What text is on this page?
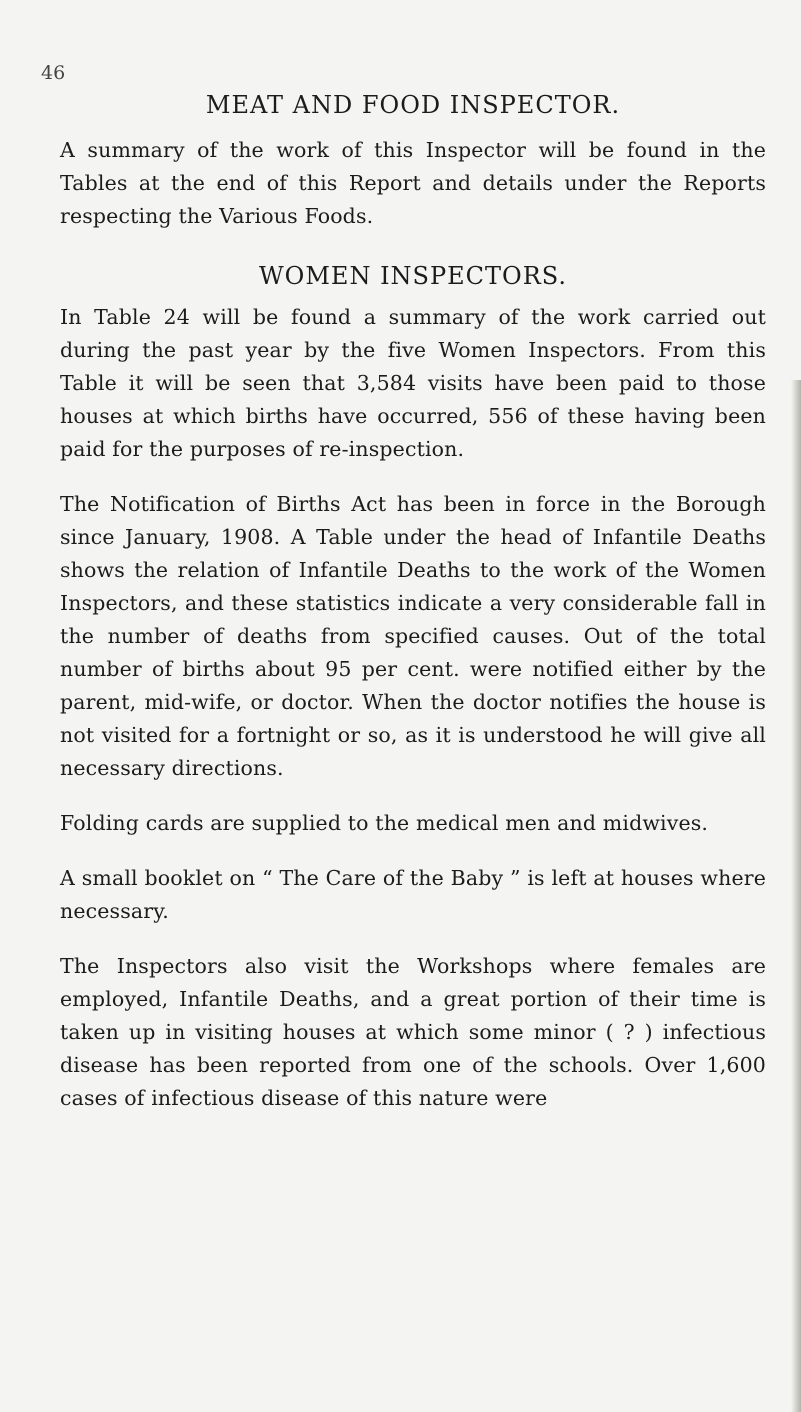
46
MEAT AND FOOD INSPECTOR.

A summary of the work of this Inspector will be found in the Tables at the end of this Report and details under the Reports respecting the Various Foods.

WOMEN INSPECTORS.

In Table 24 will be found a summary of the work carried out during the past year by the five Women Inspectors. From this Table it will be seen that 3,584 visits have been paid to those houses at which births have occurred, 556 of these having been paid for the purposes of re-inspection.

The Notification of Births Act has been in force in the Borough since January, 1908. A Table under the head of Infantile Deaths shows the relation of Infantile Deaths to the work of the Women Inspectors, and these statistics indicate a very considerable fall in the number of deaths from specified causes. Out of the total number of births about 95 per cent. were notified either by the parent, mid-wife, or doctor. When the doctor notifies the house is not visited for a fortnight or so, as it is understood he will give all necessary directions.

Folding cards are supplied to the medical men and midwives.

A small booklet on “ The Care of the Baby ” is left at houses where necessary.

The Inspectors also visit the Workshops where females are employed, Infantile Deaths, and a great portion of their time is taken up in visiting houses at which some minor ( ? ) infectious disease has been reported from one of the schools. Over 1,600 cases of infectious disease of this nature were
